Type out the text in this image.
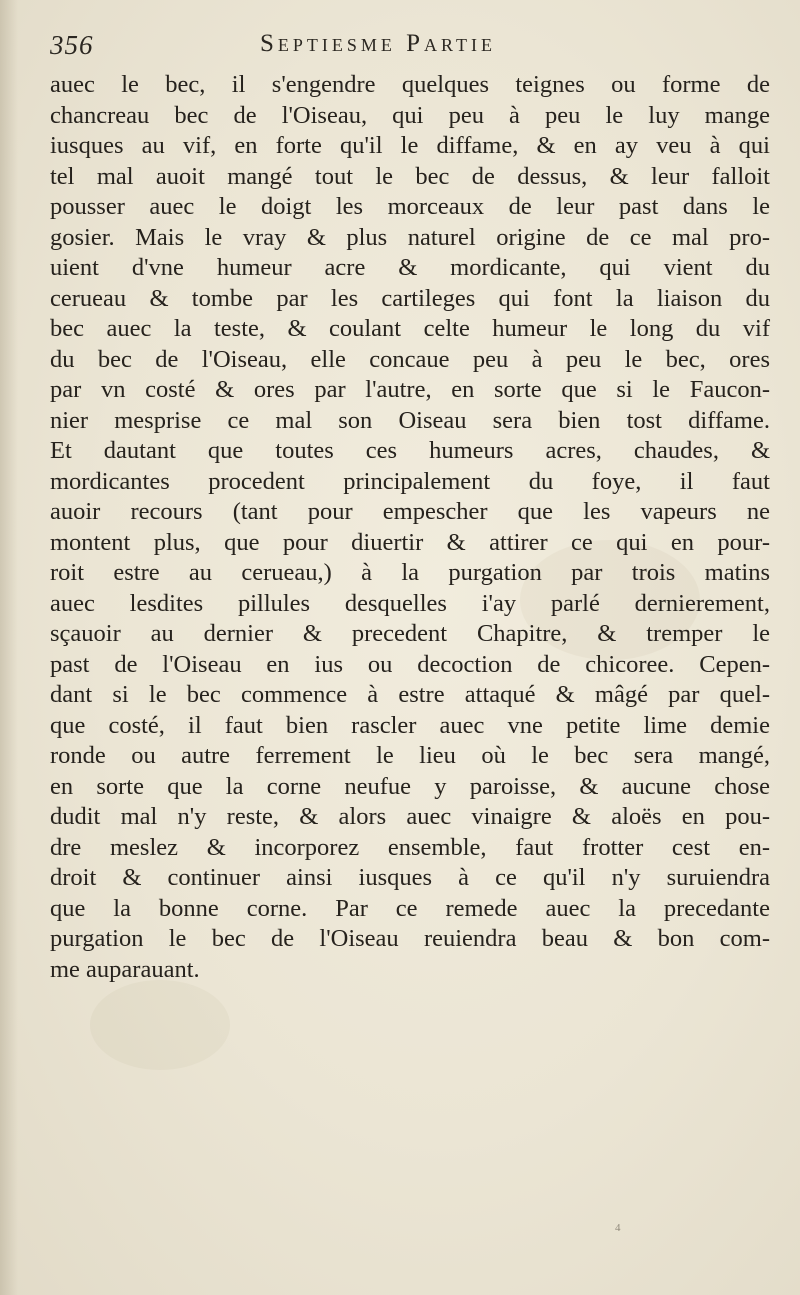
356	Septiesme Partie
auec le bec, il s'engendre quelques teignes ou forme de
chancreau bec de l'Oiseau, qui peu à peu le luy mange
iusques au vif, en forte qu'il le diffame, & en ay veu à qui
tel mal auoit mangé tout le bec de dessus, & leur falloit
pousser auec le doigt les morceaux de leur past dans le
gosier. Mais le vray & plus naturel origine de ce mal pro-
uient d'vne humeur acre & mordicante, qui vient du
cerueau & tombe par les cartileges qui font la liaison du
bec auec la teste, & coulant celte humeur le long du vif
du bec de l'Oiseau, elle concaue peu à peu le bec, ores
par vn costé & ores par l'autre, en sorte que si le Faucon-
nier mesprise ce mal son Oiseau sera bien tost diffame.
Et dautant que toutes ces humeurs acres, chaudes, &
mordicantes procedent principalement du foye, il faut
auoir recours (tant pour empescher que les vapeurs ne
montent plus, que pour diuertir & attirer ce qui en pour-
roit estre au cerueau,) à la purgation par trois matins
auec lesdites pillules desquelles i'ay parlé dernierement,
sçauoir au dernier & precedent Chapitre, & tremper le
past de l'Oiseau en ius ou decoction de chicoree. Cepen-
dant si le bec commence à estre attaqué & mâgé par quel-
que costé, il faut bien rascler auec vne petite lime demie
ronde ou autre ferrement le lieu où le bec sera mangé,
en sorte que la corne neufue y paroisse, & aucune chose
dudit mal n'y reste, & alors auec vinaigre & aloës en pou-
dre meslez & incorporez ensemble, faut frotter cest en-
droit & continuer ainsi iusques à ce qu'il n'y suruiendra
que la bonne corne. Par ce remede auec la precedante
purgation le bec de l'Oiseau reuiendra beau & bon com-
me auparauant.
4
